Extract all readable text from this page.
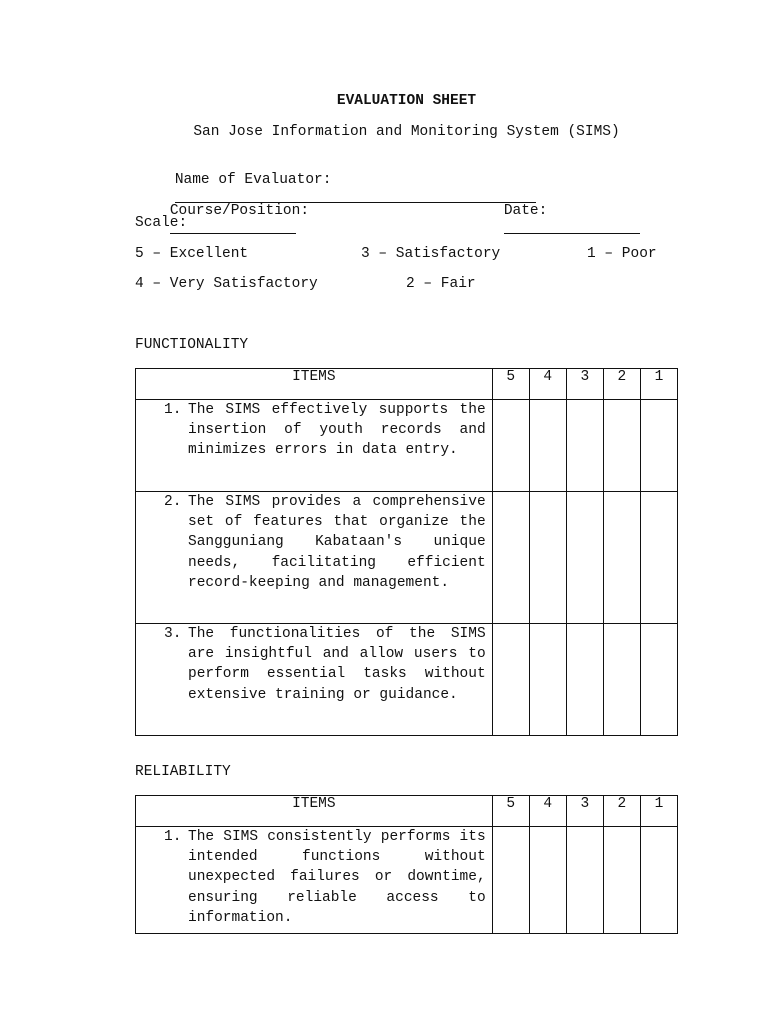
EVALUATION SHEET
San Jose Information and Monitoring System (SIMS)

Name of Evaluator:

Course/Position:

	Date:

Scale:
5 – Excellent	3 – Satisfactory	1 – Poor
4 – Very Satisfactory	2 – Fair
FUNCTIONALITY
ITEMS	5	4	3	2	1

1. The SIMS effectively supports the insertion of youth records and minimizes errors in data entry.					

2. The SIMS provides a comprehensive set of features that organize the Sangguniang Kabataan's unique needs, facilitating efficient record-keeping and management.					

3. The functionalities of the SIMS are insightful and allow users to perform essential tasks without extensive training or guidance.					

RELIABILITY
ITEMS	5	4	3	2	1

1. The SIMS consistently performs its intended functions without unexpected failures or downtime, ensuring reliable access to information.					
